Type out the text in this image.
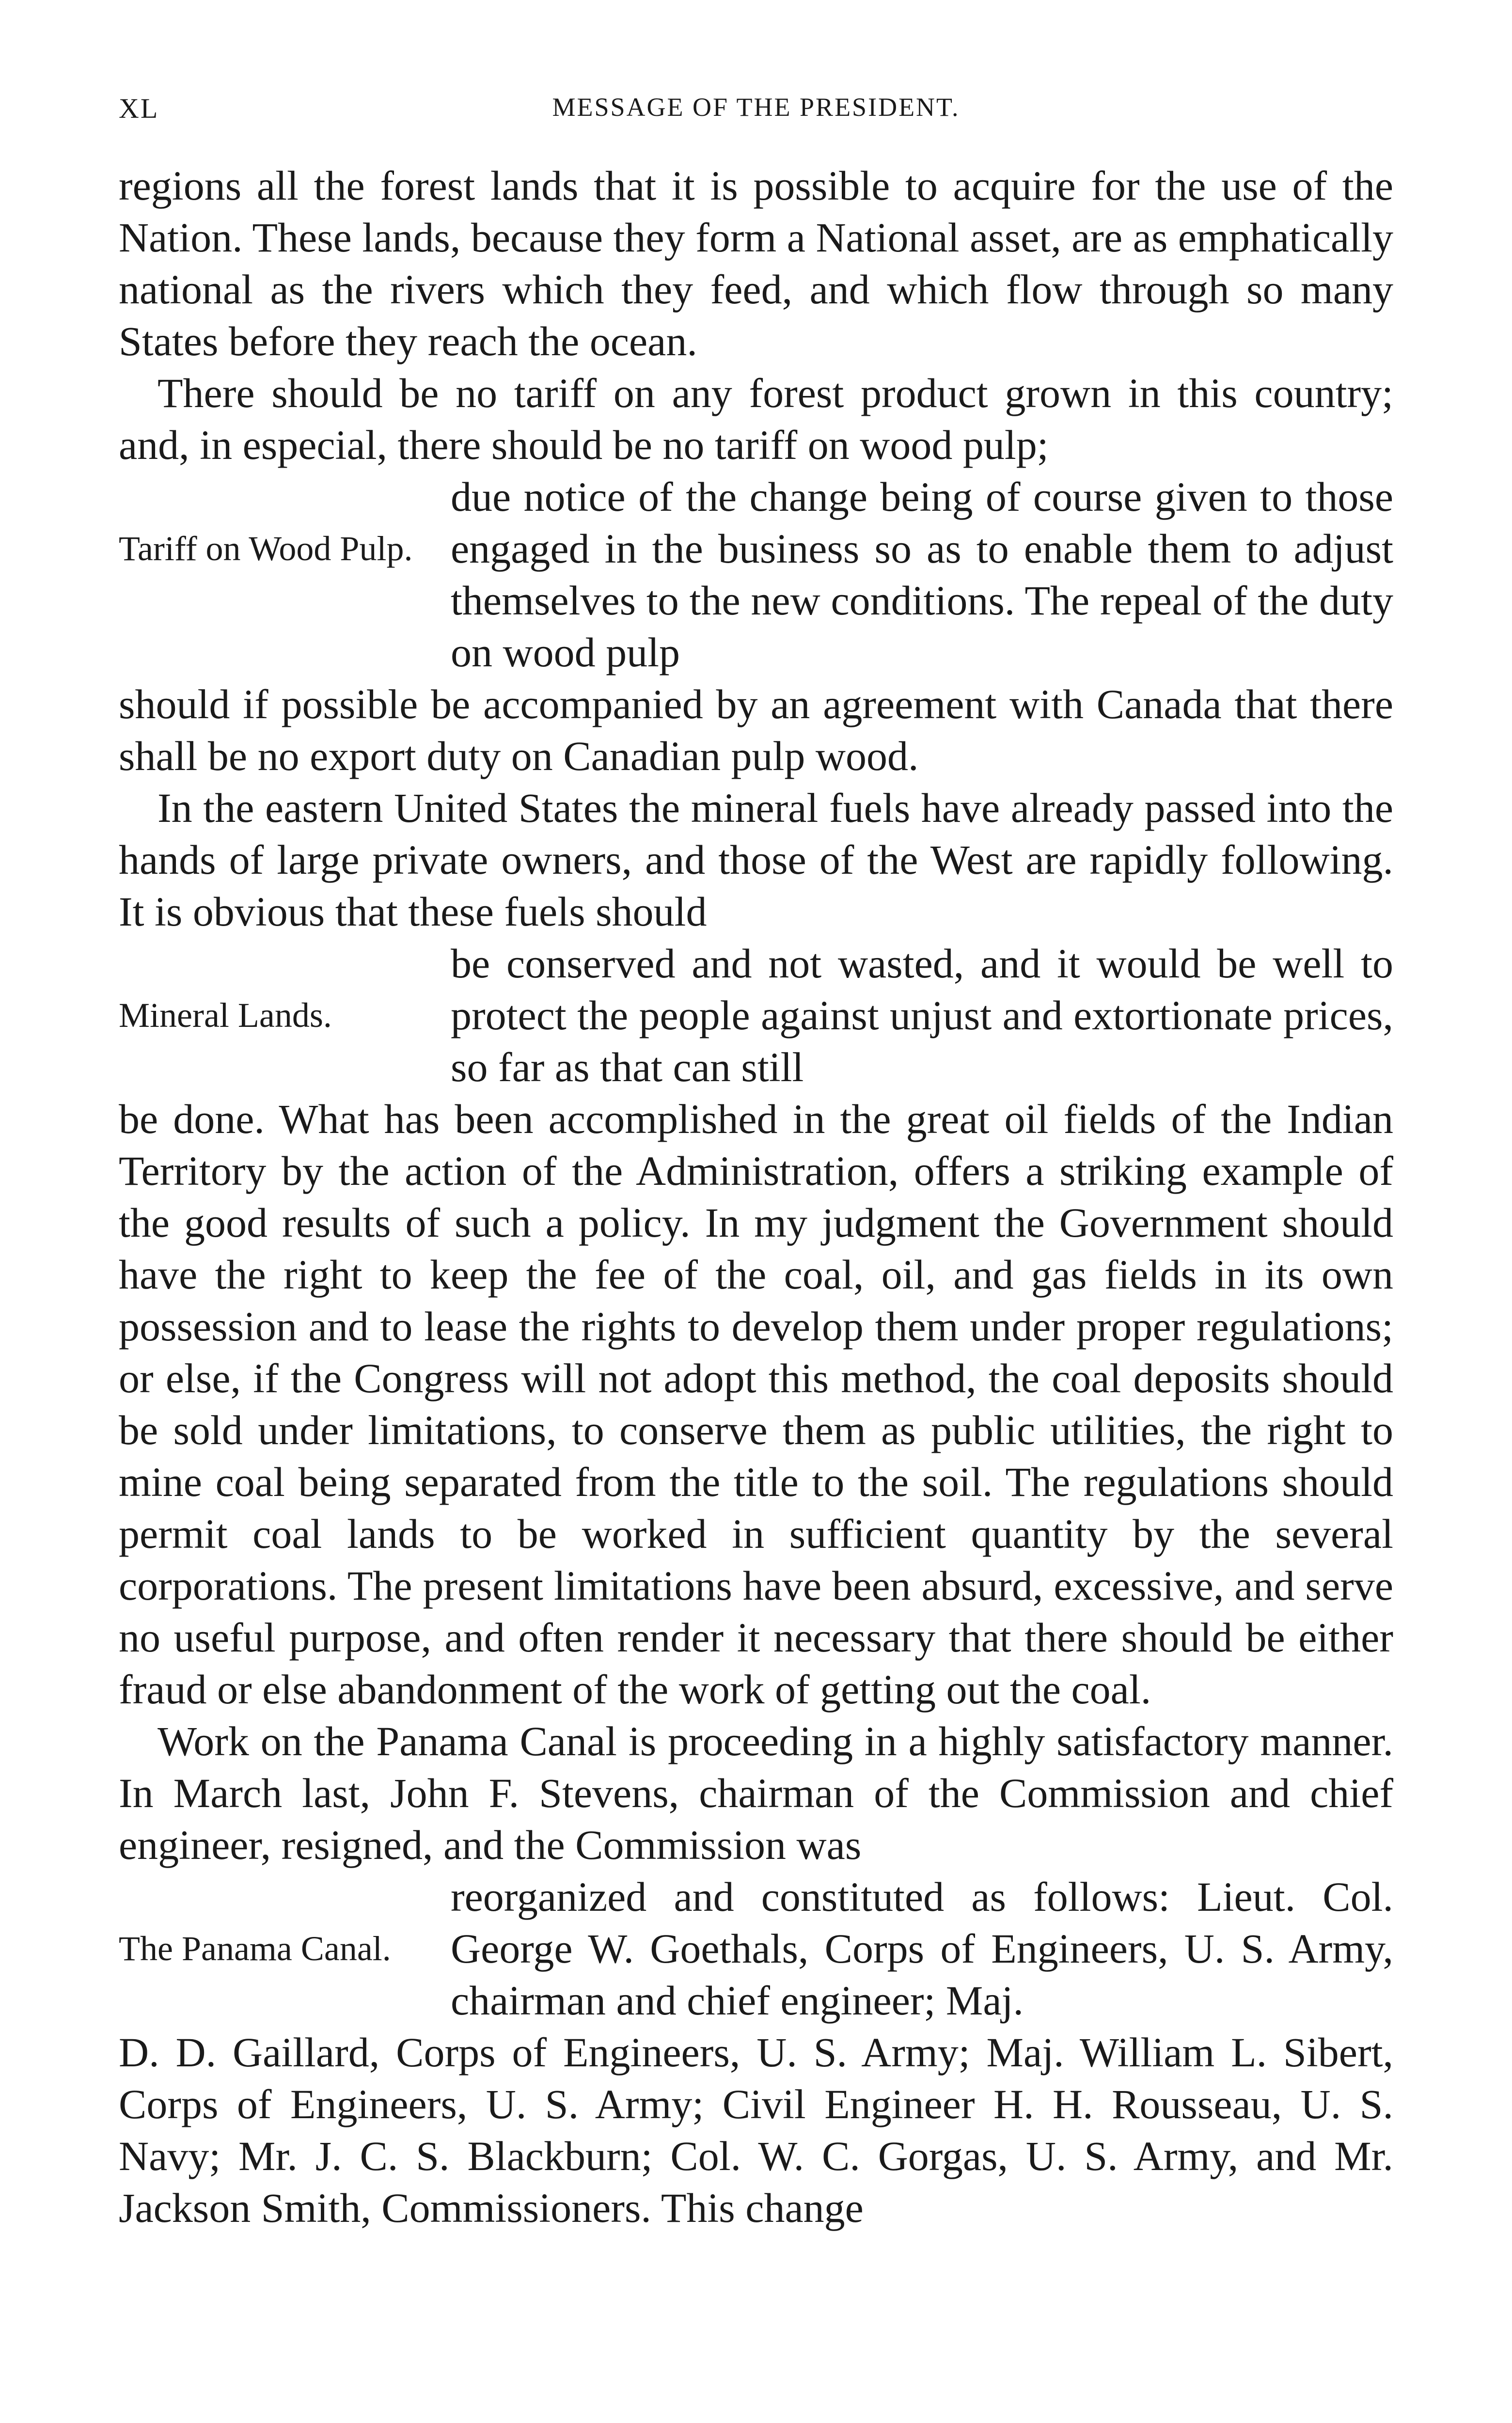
XL	MESSAGE OF THE PRESIDENT.

regions all the forest lands that it is possible to acquire for the use of the Nation. These lands, because they form a National asset, are as emphatically national as the rivers which they feed, and which flow through so many States before they reach the ocean.

There should be no tariff on any forest product grown in this country; and, in especial, there should be no tariff on wood pulp;

Tariff on Wood Pulp.

due notice of the change being of course given to those engaged in the business so as to enable them to adjust themselves to the new conditions. The repeal of the duty on wood pulp

should if possible be accompanied by an agreement with Canada that there shall be no export duty on Canadian pulp wood.

In the eastern United States the mineral fuels have already passed into the hands of large private owners, and those of the West are rapidly following. It is obvious that these fuels should

Mineral Lands.

be conserved and not wasted, and it would be well to protect the people against unjust and extortionate prices, so far as that can still

be done. What has been accomplished in the great oil fields of the Indian Territory by the action of the Administration, offers a striking example of the good results of such a policy. In my judgment the Government should have the right to keep the fee of the coal, oil, and gas fields in its own possession and to lease the rights to develop them under proper regulations; or else, if the Congress will not adopt this method, the coal deposits should be sold under limitations, to conserve them as public utilities, the right to mine coal being separated from the title to the soil. The regulations should permit coal lands to be worked in sufficient quantity by the several corporations. The present limitations have been absurd, excessive, and serve no useful purpose, and often render it necessary that there should be either fraud or else abandonment of the work of getting out the coal.

Work on the Panama Canal is proceeding in a highly satisfactory manner. In March last, John F. Stevens, chairman of the Commission and chief engineer, resigned, and the Commission was

The Panama Canal.

reorganized and constituted as follows: Lieut. Col. George W. Goethals, Corps of Engineers, U. S. Army, chairman and chief engineer; Maj.

D. D. Gaillard, Corps of Engineers, U. S. Army; Maj. William L. Sibert, Corps of Engineers, U. S. Army; Civil Engineer H. H. Rousseau, U. S. Navy; Mr. J. C. S. Blackburn; Col. W. C. Gorgas, U. S. Army, and Mr. Jackson Smith, Commissioners. This change
